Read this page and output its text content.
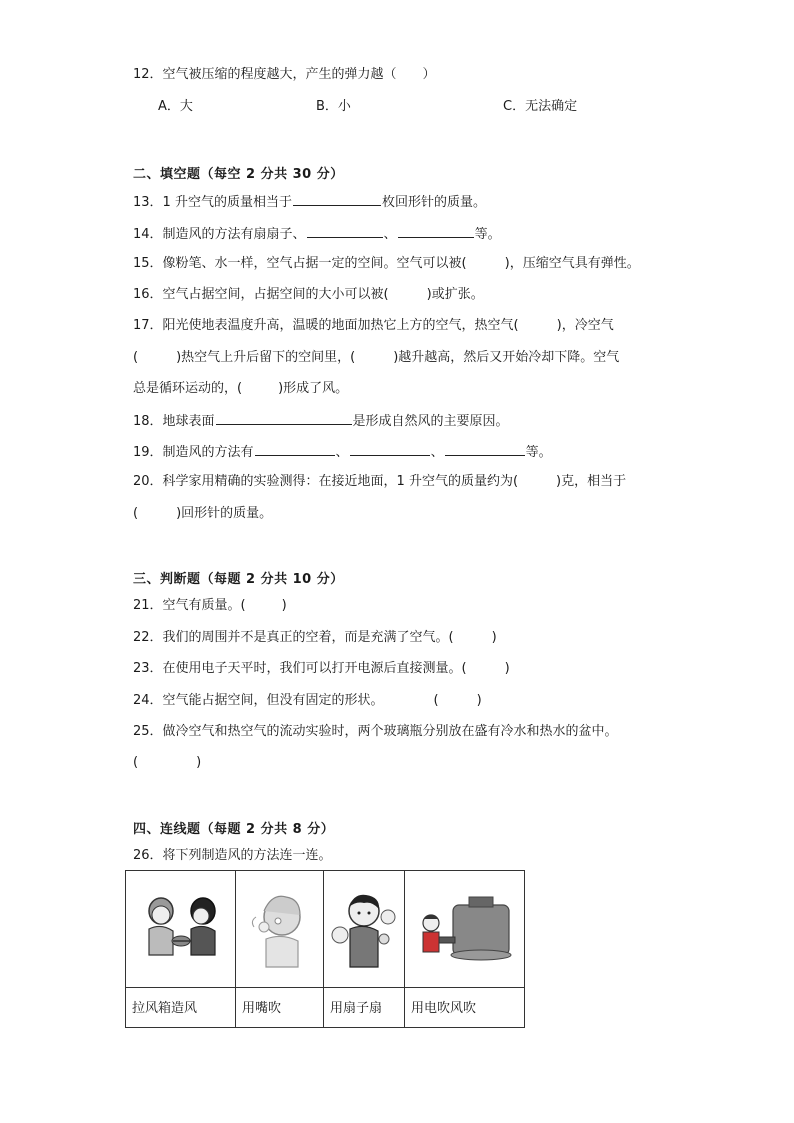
12．空气被压缩的程度越大，产生的弹力越（　　）
A．大	B．小	C．无法确定
二、填空题（每空 2 分共 30 分）
13．1 升空气的质量相当于	枚回形针的质量。
14．制造风的方法有扇扇子、	、	等。
15．像粉笔、水一样，空气占据一定的空间。空气可以被(	)，压缩空气具有弹性。
16．空气占据空间，占据空间的大小可以被(	)或扩张。
17．阳光使地表温度升高，温暖的地面加热它上方的空气，热空气(	)，冷空气
(	)热空气上升后留下的空间里，(	)越升越高，然后又开始冷却下降。空气
总是循环运动的，(	)形成了风。
18．地球表面	是形成自然风的主要原因。
19．制造风的方法有	、	、	等。
20．科学家用精确的实验测得：在接近地面，1 升空气的质量约为(	)克，相当于
(	)回形针的质量。
三、判断题（每题 2 分共 10 分）
21．空气有质量。(	)
22．我们的周围并不是真正的空着，而是充满了空气。(	)
23．在使用电子天平时，我们可以打开电源后直接测量。(	)
24．空气能占据空间，但没有固定的形状。	(	)
25．做冷空气和热空气的流动实验时，两个玻璃瓶分别放在盛有冷水和热水的盆中。
(	)
四、连线题（每题 2 分共 8 分）
26．将下列制造风的方法连一连。
拉风箱造风	用嘴吹	用扇子扇	用电吹风吹
